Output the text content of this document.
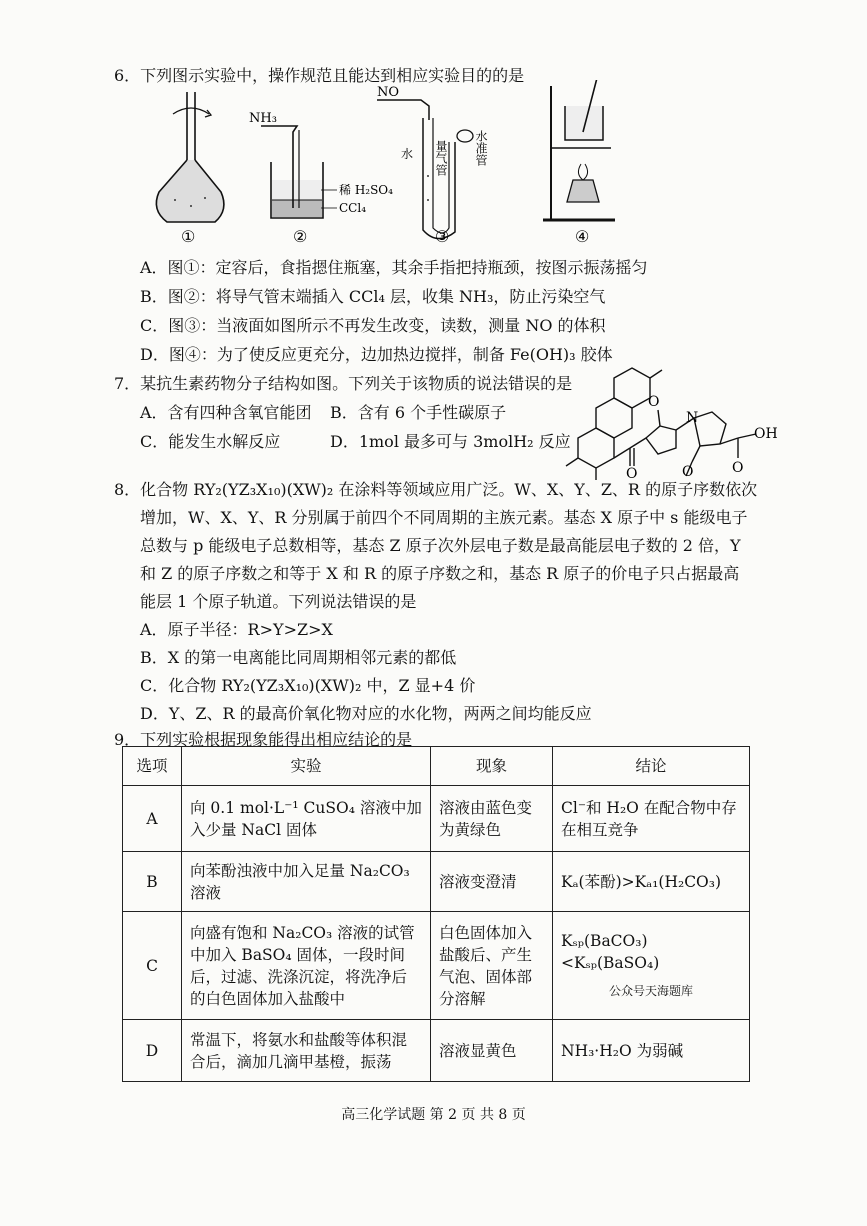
6．下列图示实验中，操作规范且能达到相应实验目的的是
①
NH₃
稀 H₂SO₄
CCl₄
②
NO
水 量气管 水准管
③	④
A．图①：定容后，食指摁住瓶塞，其余手指把持瓶颈，按图示振荡摇匀
B．图②：将导气管末端插入 CCl₄ 层，收集 NH₃，防止污染空气
C．图③：当液面如图所示不再发生改变，读数，测量 NO 的体积
D．图④：为了使反应更充分，边加热边搅拌，制备 Fe(OH)₃ 胶体
7．某抗生素药物分子结构如图。下列关于该物质的说法错误的是
A．含有四种含氧官能团 B．含有 6 个手性碳原子
C．能发生水解反应	D．1mol 最多可与 3molH₂ 反应
O
N
O	O	O
OH
8．化合物 RY₂(YZ₃X₁₀)(XW)₂ 在涂料等领域应用广泛。W、X、Y、Z、R 的原子序数依次
增加，W、X、Y、R 分别属于前四个不同周期的主族元素。基态 X 原子中 s 能级电子
总数与 p 能级电子总数相等，基态 Z 原子次外层电子数是最高能层电子数的 2 倍，Y
和 Z 的原子序数之和等于 X 和 R 的原子序数之和，基态 R 原子的价电子只占据最高
能层 1 个原子轨道。下列说法错误的是
A．原子半径：R>Y>Z>X
B．X 的第一电离能比同周期相邻元素的都低
C．化合物 RY₂(YZ₃X₁₀)(XW)₂ 中，Z 显+4 价
D．Y、Z、R 的最高价氧化物对应的水化物，两两之间均能反应
9．下列实验根据现象能得出相应结论的是
选项	实验	现象	结论
A	向 0.1 mol·L⁻¹ CuSO₄ 溶液中加入少量 NaCl 固体	溶液由蓝色变为黄绿色	Cl⁻和 H₂O 在配合物中存在相互竞争
B	向苯酚浊液中加入足量 Na₂CO₃ 溶液	溶液变澄清	Kₐ(苯酚)>Kₐ₁(H₂CO₃)
C	向盛有饱和 Na₂CO₃ 溶液的试管中加入 BaSO₄ 固体，一段时间后，过滤、洗涤沉淀，将洗净后的白色固体加入盐酸中	白色固体加入盐酸后、产生气泡、固体部分溶解	Kₛₚ(BaCO₃)<Kₛₚ(BaSO₄)
公众号天海题库

D	常温下，将氨水和盐酸等体积混合后，滴加几滴甲基橙，振荡	溶液显黄色	NH₃·H₂O 为弱碱
高三化学试题 第 2 页 共 8 页
